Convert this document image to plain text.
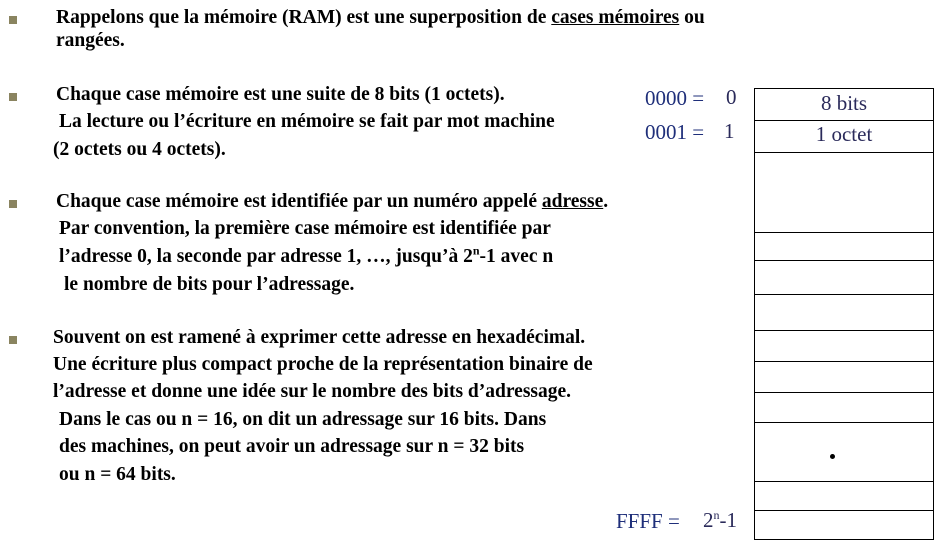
Rappelons que la mémoire (RAM) est une superposition de cases mémoires ou
rangées.
Chaque case mémoire est une suite de 8 bits (1 octets).
La lecture ou l’écriture en mémoire se fait par mot machine
(2 octets ou 4 octets).
Chaque case mémoire est identifiée par un numéro appelé adresse.
Par convention, la première case mémoire est identifiée par
l’adresse 0, la seconde par adresse 1, …, jusqu’à 2$^n$-1 avec n
le nombre de bits pour l’adressage.
Souvent on est ramené à exprimer cette adresse en hexadécimal.
Une écriture plus compact proche de la représentation binaire de
l’adresse et donne une idée sur le nombre des bits d’adressage.
Dans le cas ou n = 16, on dit un adressage sur 16 bits. Dans
des machines, on peut avoir un adressage sur n = 32 bits
ou n = 64 bits.
0000 = 0
0001 = 1
FFFF = $2^n-1$
8 bits
1 octet
